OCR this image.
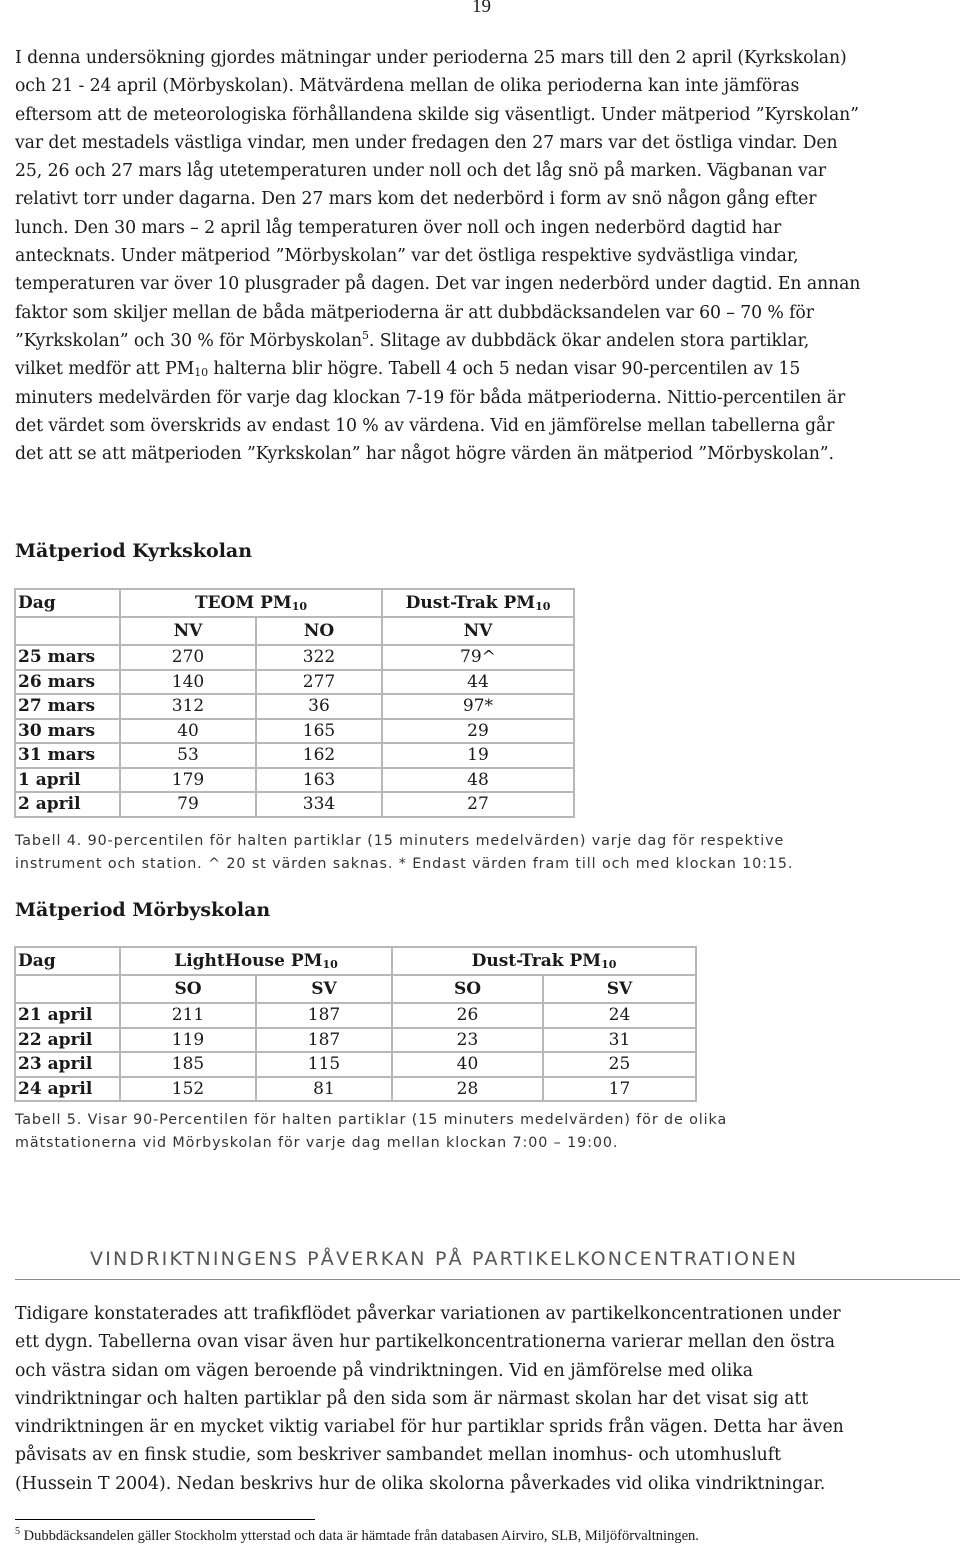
19
I denna undersökning gjordes mätningar under perioderna 25 mars till den 2 april (Kyrkskolan)
och 21 - 24 april (Mörbyskolan). Mätvärdena mellan de olika perioderna kan inte jämföras
eftersom att de meteorologiska förhållandena skilde sig väsentligt. Under mätperiod ”Kyrskolan”
var det mestadels västliga vindar, men under fredagen den 27 mars var det östliga vindar. Den
25, 26 och 27 mars låg utetemperaturen under noll och det låg snö på marken. Vägbanan var
relativt torr under dagarna. Den 27 mars kom det nederbörd i form av snö någon gång efter
lunch. Den 30 mars – 2 april låg temperaturen över noll och ingen nederbörd dagtid har
antecknats. Under mätperiod ”Mörbyskolan” var det östliga respektive sydvästliga vindar,
temperaturen var över 10 plusgrader på dagen. Det var ingen nederbörd under dagtid. En annan
faktor som skiljer mellan de båda mätperioderna är att dubbdäcksandelen var 60 – 70 % för
”Kyrkskolan” och 30 % för Mörbyskolan$^5$. Slitage av dubbdäck ökar andelen stora partiklar,
vilket medför att $PM_{10}$ halterna blir högre. Tabell 4 och 5 nedan visar 90-percentilen av 15
minuters medelvärden för varje dag klockan 7-19 för båda mätperioderna. Nittio-percentilen är
det värdet som överskrids av endast 10 % av värdena. Vid en jämförelse mellan tabellerna går
det att se att mätperioden ”Kyrkskolan” har något högre värden än mätperiod ”Mörbyskolan”.
Mätperiod Kyrkskolan
Dag	TEOM $PM_{10}$		Dust-Trak $PM_{10}$
	NV	NO	NV
25 mars	270	322	79^
26 mars	140	277	44
27 mars	312	36	97*
30 mars	40	165	29
31 mars	53	162	19
1 april	179	163	48
2 april	79	334	27
Tabell 4. 90-percentilen för halten partiklar (15 minuters medelvärden) varje dag för respektive
instrument och station. ^ 20 st värden saknas. * Endast värden fram till och med klockan 10:15.
Mätperiod Mörbyskolan
Dag	LightHouse $PM_{10}$		Dust-Trak $PM_{10}$
	SO	SV	SO	SV
21 april	211	187	26	24
22 april	119	187	23	31
23 april	185	115	40	25
24 april	152	81	28	17
Tabell 5. Visar 90-Percentilen för halten partiklar (15 minuters medelvärden) för de olika
mätstationerna vid Mörbyskolan för varje dag mellan klockan 7:00 – 19:00.
VINDRIKTNINGENS PÅVERKAN PÅ PARTIKELKONCENTRATIONEN
Tidigare konstaterades att trafikflödet påverkar variationen av partikelkoncentrationen under
ett dygn. Tabellerna ovan visar även hur partikelkoncentrationerna varierar mellan den östra
och västra sidan om vägen beroende på vindriktningen. Vid en jämförelse med olika
vindriktningar och halten partiklar på den sida som är närmast skolan har det visat sig att
vindriktningen är en mycket viktig variabel för hur partiklar sprids från vägen. Detta har även
påvisats av en finsk studie, som beskriver sambandet mellan inomhus- och utomhusluft
(Hussein T 2004). Nedan beskrivs hur de olika skolorna påverkades vid olika vindriktningar.
$^5$ Dubbdäcksandelen gäller Stockholm ytterstad och data är hämtade från databasen Airviro, SLB, Miljöförvaltningen.
